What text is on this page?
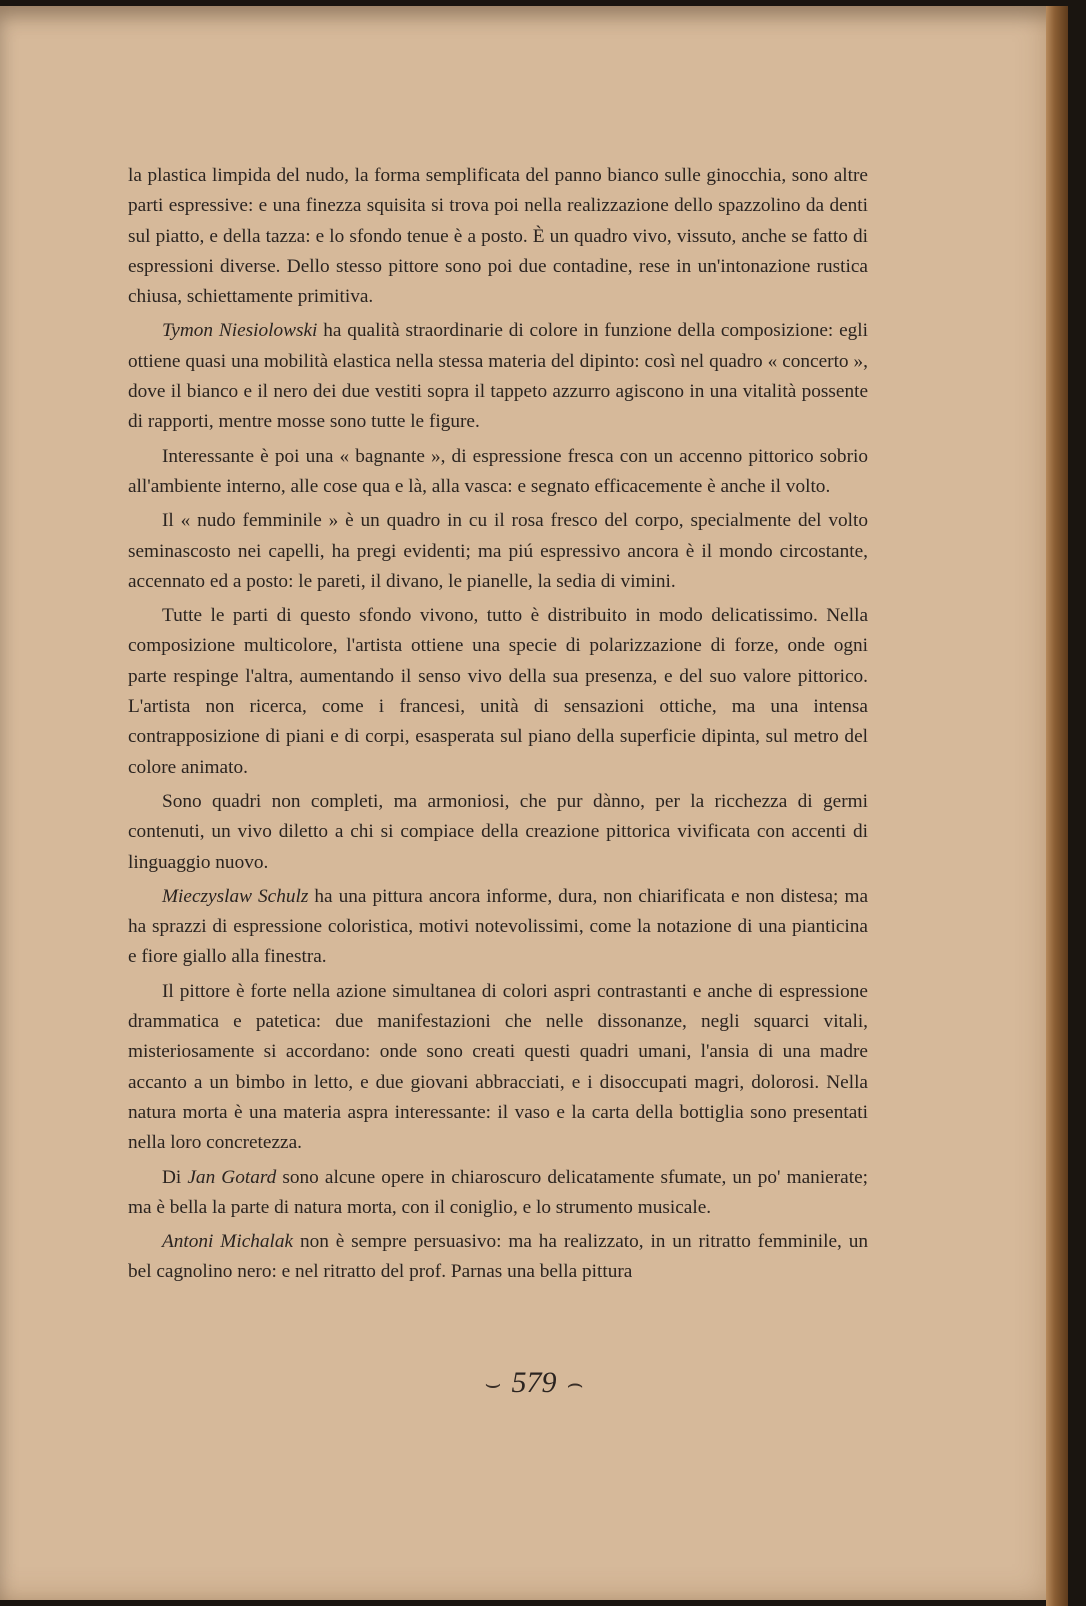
la plastica limpida del nudo, la forma semplificata del panno bianco sulle ginocchia, sono altre parti espressive: e una finezza squisita si trova poi nella realizzazione dello spazzolino da denti sul piatto, e della tazza: e lo sfondo tenue è a posto. È un quadro vivo, vissuto, anche se fatto di espressioni diverse. Dello stesso pittore sono poi due contadine, rese in un'intonazione rustica chiusa, schiettamente primitiva.

Tymon Niesiolowski ha qualità straordinarie di colore in funzione della composizione: egli ottiene quasi una mobilità elastica nella stessa materia del dipinto: così nel quadro « concerto », dove il bianco e il nero dei due vestiti sopra il tappeto azzurro agiscono in una vitalità possente di rapporti, mentre mosse sono tutte le figure.

Interessante è poi una « bagnante », di espressione fresca con un accenno pittorico sobrio all'ambiente interno, alle cose qua e là, alla vasca: e segnato efficacemente è anche il volto.

Il « nudo femminile » è un quadro in cu il rosa fresco del corpo, specialmente del volto seminascosto nei capelli, ha pregi evidenti; ma piú espressivo ancora è il mondo circostante, accennato ed a posto: le pareti, il divano, le pianelle, la sedia di vimini.

Tutte le parti di questo sfondo vivono, tutto è distribuito in modo delicatissimo. Nella composizione multicolore, l'artista ottiene una specie di polarizzazione di forze, onde ogni parte respinge l'altra, aumentando il senso vivo della sua presenza, e del suo valore pittorico. L'artista non ricerca, come i francesi, unità di sensazioni ottiche, ma una intensa contrapposizione di piani e di corpi, esasperata sul piano della superficie dipinta, sul metro del colore animato.

Sono quadri non completi, ma armoniosi, che pur dànno, per la ricchezza di germi contenuti, un vivo diletto a chi si compiace della creazione pittorica vivificata con accenti di linguaggio nuovo.

Mieczyslaw Schulz ha una pittura ancora informe, dura, non chiarificata e non distesa; ma ha sprazzi di espressione coloristica, motivi notevolissimi, come la notazione di una pianticina e fiore giallo alla finestra.

Il pittore è forte nella azione simultanea di colori aspri contrastanti e anche di espressione drammatica e patetica: due manifestazioni che nelle dissonanze, negli squarci vitali, misteriosamente si accordano: onde sono creati questi quadri umani, l'ansia di una madre accanto a un bimbo in letto, e due giovani abbracciati, e i disoccupati magri, dolorosi. Nella natura morta è una materia aspra interessante: il vaso e la carta della bottiglia sono presentati nella loro concretezza.

Di Jan Gotard sono alcune opere in chiaroscuro delicatamente sfumate, un po' manierate; ma è bella la parte di natura morta, con il coniglio, e lo strumento musicale.

Antoni Michalak non è sempre persuasivo: ma ha realizzato, in un ritratto femminile, un bel cagnolino nero: e nel ritratto del prof. Parnas una bella pittura

⌣ 579 ⌢
